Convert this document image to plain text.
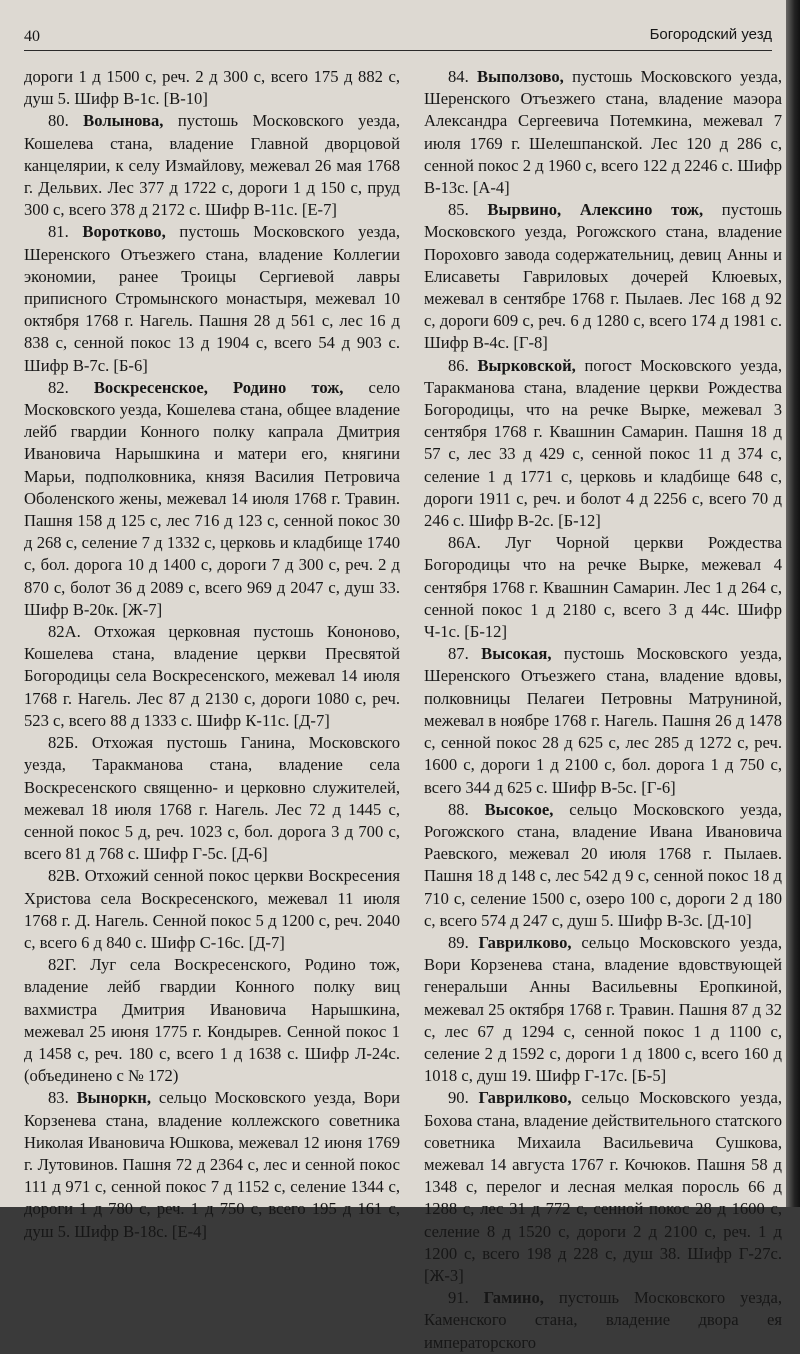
40	Богородский уезд

дороги 1 д 1500 с, реч. 2 д 300 с, всего 175 д 882 с, душ 5. Шифр В-1с. [В-10]

80. Волынова, пустошь Московского уезда, Кошелева стана, владение Главной дворцовой канцелярии, к селу Измайлову, межевал 26 мая 1768 г. Дельвих. Лес 377 д 1722 с, дороги 1 д 150 с, пруд 300 с, всего 378 д 2172 с. Шифр В-11с. [Е-7]

81. Воротково, пустошь Московского уезда, Шеренского Отъезжего стана, владение Коллегии экономии, ранее Троицы Сергиевой лавры приписного Стромынского монастыря, межевал 10 октября 1768 г. Нагель. Пашня 28 д 561 с, лес 16 д 838 с, сенной покос 13 д 1904 с, всего 54 д 903 с. Шифр В-7с. [Б-6]

82. Воскресенское, Родино тож, село Московского уезда, Кошелева стана, общее владение лейб гвардии Конного полку капрала Дмитрия Ивановича Нарышкина и матери его, княгини Марьи, подполковника, князя Василия Петровича Оболенского жены, межевал 14 июля 1768 г. Травин. Пашня 158 д 125 с, лес 716 д 123 с, сенной покос 30 д 268 с, селение 7 д 1332 с, церковь и кладбище 1740 с, бол. дорога 10 д 1400 с, дороги 7 д 300 с, реч. 2 д 870 с, болот 36 д 2089 с, всего 969 д 2047 с, душ 33. Шифр В-20к. [Ж-7]

82А. Отхожая церковная пустошь Кононово, Кошелева стана, владение церкви Пресвятой Богородицы села Воскресенского, межевал 14 июля 1768 г. Нагель. Лес 87 д 2130 с, дороги 1080 с, реч. 523 с, всего 88 д 1333 с. Шифр К-11с. [Д-7]

82Б. Отхожая пустошь Ганина, Московского уезда, Таракманова стана, владение села Воскресенского священно- и церковно служителей, межевал 18 июля 1768 г. Нагель. Лес 72 д 1445 с, сенной покос 5 д, реч. 1023 с, бол. дорога 3 д 700 с, всего 81 д 768 с. Шифр Г-5с. [Д-6]

82В. Отхожий сенной покос церкви Воскресения Христова села Воскресенского, межевал 11 июля 1768 г. Д. Нагель. Сенной покос 5 д 1200 с, реч. 2040 с, всего 6 д 840 с. Шифр С-16с. [Д-7]

82Г. Луг села Воскресенского, Родино тож, владение лейб гвардии Конного полку виц вахмистра Дмитрия Ивановича Нарышкина, межевал 25 июня 1775 г. Кондырев. Сенной покос 1 д 1458 с, реч. 180 с, всего 1 д 1638 с. Шифр Л-24с. (объединено с № 172)

83. Выноркн, сельцо Московского уезда, Вори Корзенева стана, владение коллежского советника Николая Ивановича Юшкова, межевал 12 июня 1769 г. Лутовинов. Пашня 72 д 2364 с, лес и сенной покос 111 д 971 с, сенной покос 7 д 1152 с, селение 1344 с, дороги 1 д 780 с, реч. 1 д 750 с, всего 195 д 161 с, душ 5. Шифр В-18с. [Е-4]

84. Выползово, пустошь Московского уезда, Шеренского Отъезжего стана, владение маэора Александра Сергеевича Потемкина, межевал 7 июля 1769 г. Шелешпанской. Лес 120 д 286 с, сенной покос 2 д 1960 с, всего 122 д 2246 с. Шифр В-13с. [А-4]

85. Вырвино, Алексино тож, пустошь Московского уезда, Рогожского стана, владение Пороховго завода содержательниц, девиц Анны и Елисаветы Гавриловых дочерей Клюевых, межевал в сентябре 1768 г. Пылаев. Лес 168 д 92 с, дороги 609 с, реч. 6 д 1280 с, всего 174 д 1981 с. Шифр В-4с. [Г-8]

86. Вырковской, погост Московского уезда, Таракманова стана, владение церкви Рождества Богородицы, что на речке Вырке, межевал 3 сентября 1768 г. Квашнин Самарин. Пашня 18 д 57 с, лес 33 д 429 с, сенной покос 11 д 374 с, селение 1 д 1771 с, церковь и кладбище 648 с, дороги 1911 с, реч. и болот 4 д 2256 с, всего 70 д 246 с. Шифр В-2с. [Б-12]

86А. Луг Чорной церкви Рождества Богородицы что на речке Вырке, межевал 4 сентября 1768 г. Квашнин Самарин. Лес 1 д 264 с, сенной покос 1 д 2180 с, всего 3 д 44с. Шифр Ч-1с. [Б-12]

87. Высокая, пустошь Московского уезда, Шеренского Отъезжего стана, владение вдовы, полковницы Пелагеи Петровны Матруниной, межевал в ноябре 1768 г. Нагель. Пашня 26 д 1478 с, сенной покос 28 д 625 с, лес 285 д 1272 с, реч. 1600 с, дороги 1 д 2100 с, бол. дорога 1 д 750 с, всего 344 д 625 с. Шифр В-5с. [Г-6]

88. Высокое, сельцо Московского уезда, Рогожского стана, владение Ивана Ивановича Раевского, межевал 20 июля 1768 г. Пылаев. Пашня 18 д 148 с, лес 542 д 9 с, сенной покос 18 д 710 с, селение 1500 с, озеро 100 с, дороги 2 д 180 с, всего 574 д 247 с, душ 5. Шифр В-3с. [Д-10]

89. Гаврилково, сельцо Московского уезда, Вори Корзенева стана, владение вдовствующей генеральши Анны Васильевны Еропкиной, межевал 25 октября 1768 г. Травин. Пашня 87 д 32 с, лес 67 д 1294 с, сенной покос 1 д 1100 с, селение 2 д 1592 с, дороги 1 д 1800 с, всего 160 д 1018 с, душ 19. Шифр Г-17с. [Б-5]

90. Гаврилково, сельцо Московского уезда, Бохова стана, владение действительного статского советника Михаила Васильевича Сушкова, межевал 14 августа 1767 г. Кочюков. Пашня 58 д 1348 с, перелог и лесная мелкая поросль 66 д 1288 с, лес 31 д 772 с, сенной покос 28 д 1600 с, селение 8 д 1520 с, дороги 2 д 2100 с, реч. 1 д 1200 с, всего 198 д 228 с, душ 38. Шифр Г-27с. [Ж-3]

91. Гамино, пустошь Московского уезда, Каменского стана, владение двора ея императорского
